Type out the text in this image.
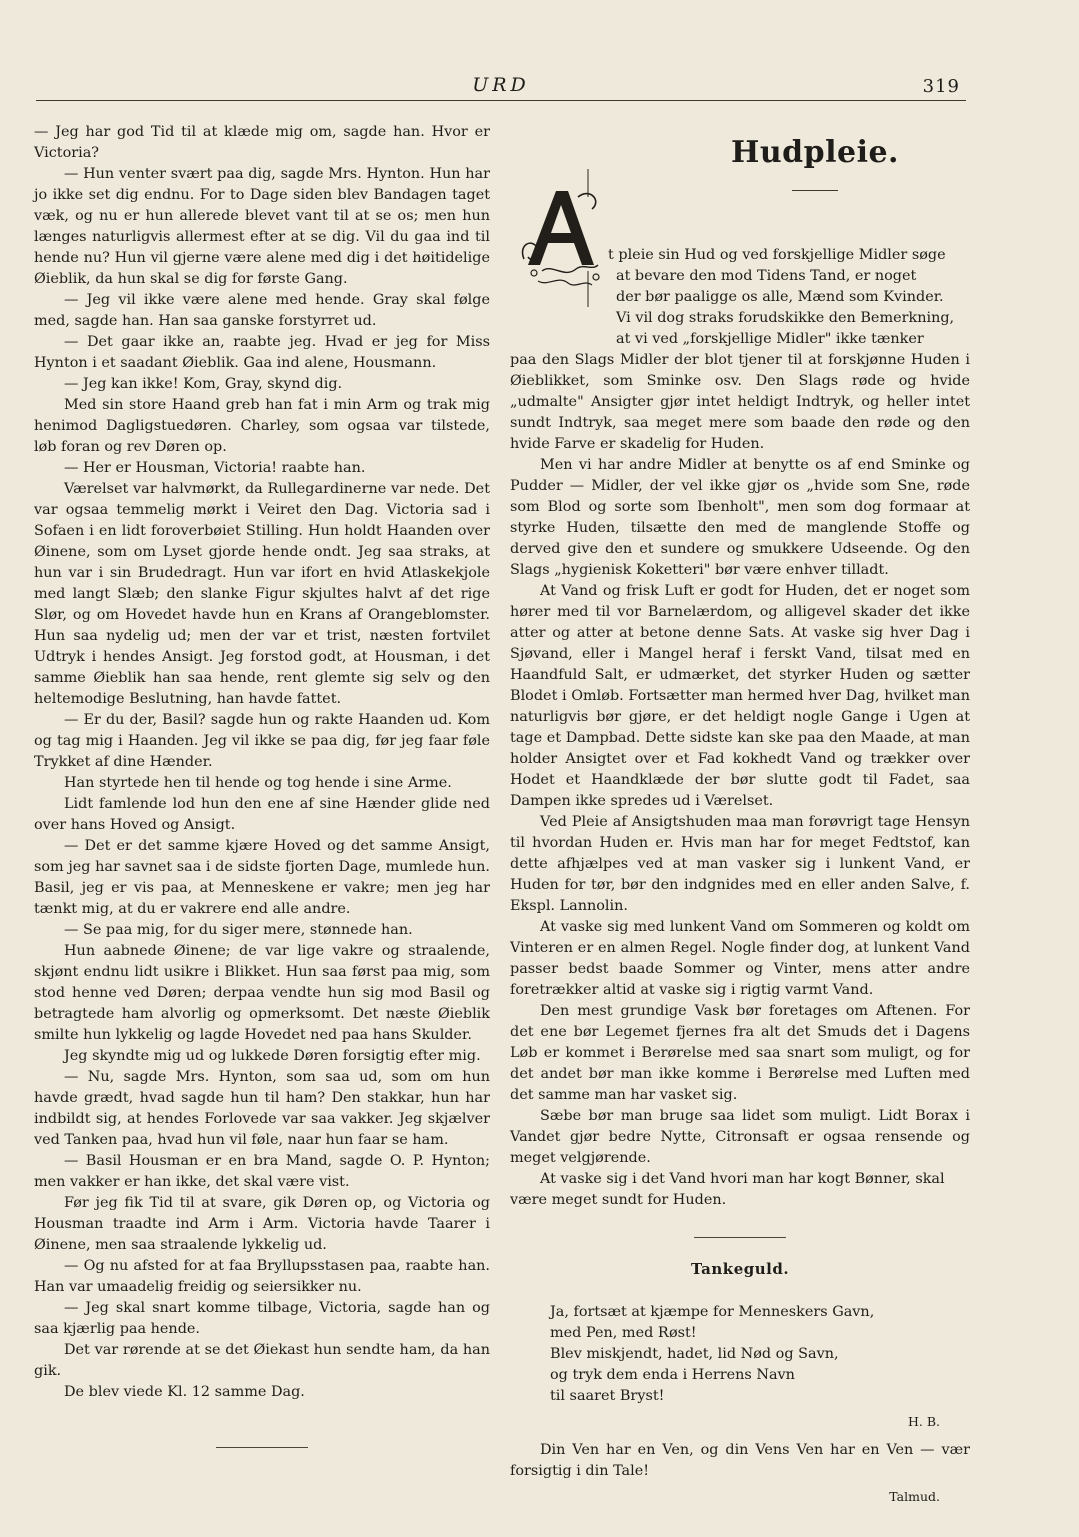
URD	319

— Jeg har god Tid til at klæde mig om, sagde han. Hvor er Victoria?

— Hun venter svært paa dig, sagde Mrs. Hynton. Hun har jo ikke set dig endnu. For to Dage siden blev Bandagen taget væk, og nu er hun allerede blevet vant til at se os; men hun længes naturligvis allermest efter at se dig. Vil du gaa ind til hende nu? Hun vil gjerne være alene med dig i det høitidelige Øieblik, da hun skal se dig for første Gang.

— Jeg vil ikke være alene med hende. Gray skal følge med, sagde han. Han saa ganske forstyrret ud.

— Det gaar ikke an, raabte jeg. Hvad er jeg for Miss Hynton i et saadant Øieblik. Gaa ind alene, Housmann.

— Jeg kan ikke! Kom, Gray, skynd dig.

Med sin store Haand greb han fat i min Arm og trak mig henimod Dagligstuedøren. Charley, som ogsaa var tilstede, løb foran og rev Døren op.

— Her er Housman, Victoria! raabte han.

Værelset var halvmørkt, da Rullegardinerne var nede. Det var ogsaa temmelig mørkt i Veiret den Dag. Victoria sad i Sofaen i en lidt foroverbøiet Stilling. Hun holdt Haanden over Øinene, som om Lyset gjorde hende ondt. Jeg saa straks, at hun var i sin Brudedragt. Hun var ifort en hvid Atlaskekjole med langt Slæb; den slanke Figur skjultes halvt af det rige Slør, og om Hovedet havde hun en Krans af Orangeblomster. Hun saa nydelig ud; men der var et trist, næsten fortvilet Udtryk i hendes Ansigt. Jeg forstod godt, at Housman, i det samme Øieblik han saa hende, rent glemte sig selv og den heltemodige Beslutning, han havde fattet.

— Er du der, Basil? sagde hun og rakte Haanden ud. Kom og tag mig i Haanden. Jeg vil ikke se paa dig, før jeg faar føle Trykket af dine Hænder.

Han styrtede hen til hende og tog hende i sine Arme.

Lidt famlende lod hun den ene af sine Hænder glide ned over hans Hoved og Ansigt.

— Det er det samme kjære Hoved og det samme Ansigt, som jeg har savnet saa i de sidste fjorten Dage, mumlede hun. Basil, jeg er vis paa, at Menneskene er vakre; men jeg har tænkt mig, at du er vakrere end alle andre.

— Se paa mig, for du siger mere, stønnede han.

Hun aabnede Øinene; de var lige vakre og straalende, skjønt endnu lidt usikre i Blikket. Hun saa først paa mig, som stod henne ved Døren; derpaa vendte hun sig mod Basil og betragtede ham alvorlig og opmerksomt. Det næste Øieblik smilte hun lykkelig og lagde Hovedet ned paa hans Skulder.

Jeg skyndte mig ud og lukkede Døren forsigtig efter mig.

— Nu, sagde Mrs. Hynton, som saa ud, som om hun havde grædt, hvad sagde hun til ham? Den stakkar, hun har indbildt sig, at hendes Forlovede var saa vakker. Jeg skjælver ved Tanken paa, hvad hun vil føle, naar hun faar se ham.

— Basil Housman er en bra Mand, sagde O. P. Hynton; men vakker er han ikke, det skal være vist.

Før jeg fik Tid til at svare, gik Døren op, og Victoria og Housman traadte ind Arm i Arm. Victoria havde Taarer i Øinene, men saa straalende lykkelig ud.

— Og nu afsted for at faa Bryllupsstasen paa, raabte han. Han var umaadelig freidig og seiersikker nu.

— Jeg skal snart komme tilbage, Victoria, sagde han og saa kjærlig paa hende.

Det var rørende at se det Øiekast hun sendte ham, da han gik.

De blev viede Kl. 12 samme Dag.

Hudpleie.
A	t pleie sin Hud og ved forskjellige Midler søge

at bevare den mod Tidens Tand, er noget

der bør paaligge os alle, Mænd som Kvinder.

Vi vil dog straks forudskikke den Bemerkning,

at vi ved „forskjellige Midler" ikke tænker

paa den Slags Midler der blot tjener til at forskjønne Huden i Øieblikket, som Sminke osv. Den Slags røde og hvide „udmalte" Ansigter gjør intet heldigt Indtryk, og heller intet sundt Indtryk, saa meget mere som baade den røde og den hvide Farve er skadelig for Huden.

Men vi har andre Midler at benytte os af end Sminke og Pudder — Midler, der vel ikke gjør os „hvide som Sne, røde som Blod og sorte som Ibenholt", men som dog formaar at styrke Huden, tilsætte den med de manglende Stoffe og derved give den et sundere og smukkere Udseende. Og den Slags „hygienisk Koketteri" bør være enhver tilladt.

At Vand og frisk Luft er godt for Huden, det er noget som hører med til vor Barnelærdom, og alligevel skader det ikke atter og atter at betone denne Sats. At vaske sig hver Dag i Sjøvand, eller i Mangel heraf i ferskt Vand, tilsat med en Haandfuld Salt, er udmærket, det styrker Huden og sætter Blodet i Omløb. Fortsætter man hermed hver Dag, hvilket man naturligvis bør gjøre, er det heldigt nogle Gange i Ugen at tage et Dampbad. Dette sidste kan ske paa den Maade, at man holder Ansigtet over et Fad kokhedt Vand og trækker over Hodet et Haandklæde der bør slutte godt til Fadet, saa Dampen ikke spredes ud i Værelset.

Ved Pleie af Ansigtshuden maa man forøvrigt tage Hensyn til hvordan Huden er. Hvis man har for meget Fedtstof, kan dette afhjælpes ved at man vasker sig i lunkent Vand, er Huden for tør, bør den indgnides med en eller anden Salve, f. Ekspl. Lannolin.

At vaske sig med lunkent Vand om Sommeren og koldt om Vinteren er en almen Regel. Nogle finder dog, at lunkent Vand passer bedst baade Sommer og Vinter, mens atter andre foretrækker altid at vaske sig i rigtig varmt Vand.

Den mest grundige Vask bør foretages om Aftenen. For det ene bør Legemet fjernes fra alt det Smuds det i Dagens Løb er kommet i Berørelse med saa snart som muligt, og for det andet bør man ikke komme i Berørelse med Luften med det samme man har vasket sig.

Sæbe bør man bruge saa lidet som muligt. Lidt Borax i Vandet gjør bedre Nytte, Citronsaft er ogsaa rensende og meget velgjørende.

At vaske sig i det Vand hvori man har kogt Bønner, skal være meget sundt for Huden.

Tankeguld.
Ja, fortsæt at kjæmpe for Menneskers Gavn,
med Pen, med Røst!
Blev miskjendt, hadet, lid Nød og Savn,
og tryk dem enda i Herrens Navn
til saaret Bryst!
H. B.

Din Ven har en Ven, og din Vens Ven har en Ven — vær forsigtig i din Tale!

Talmud.
